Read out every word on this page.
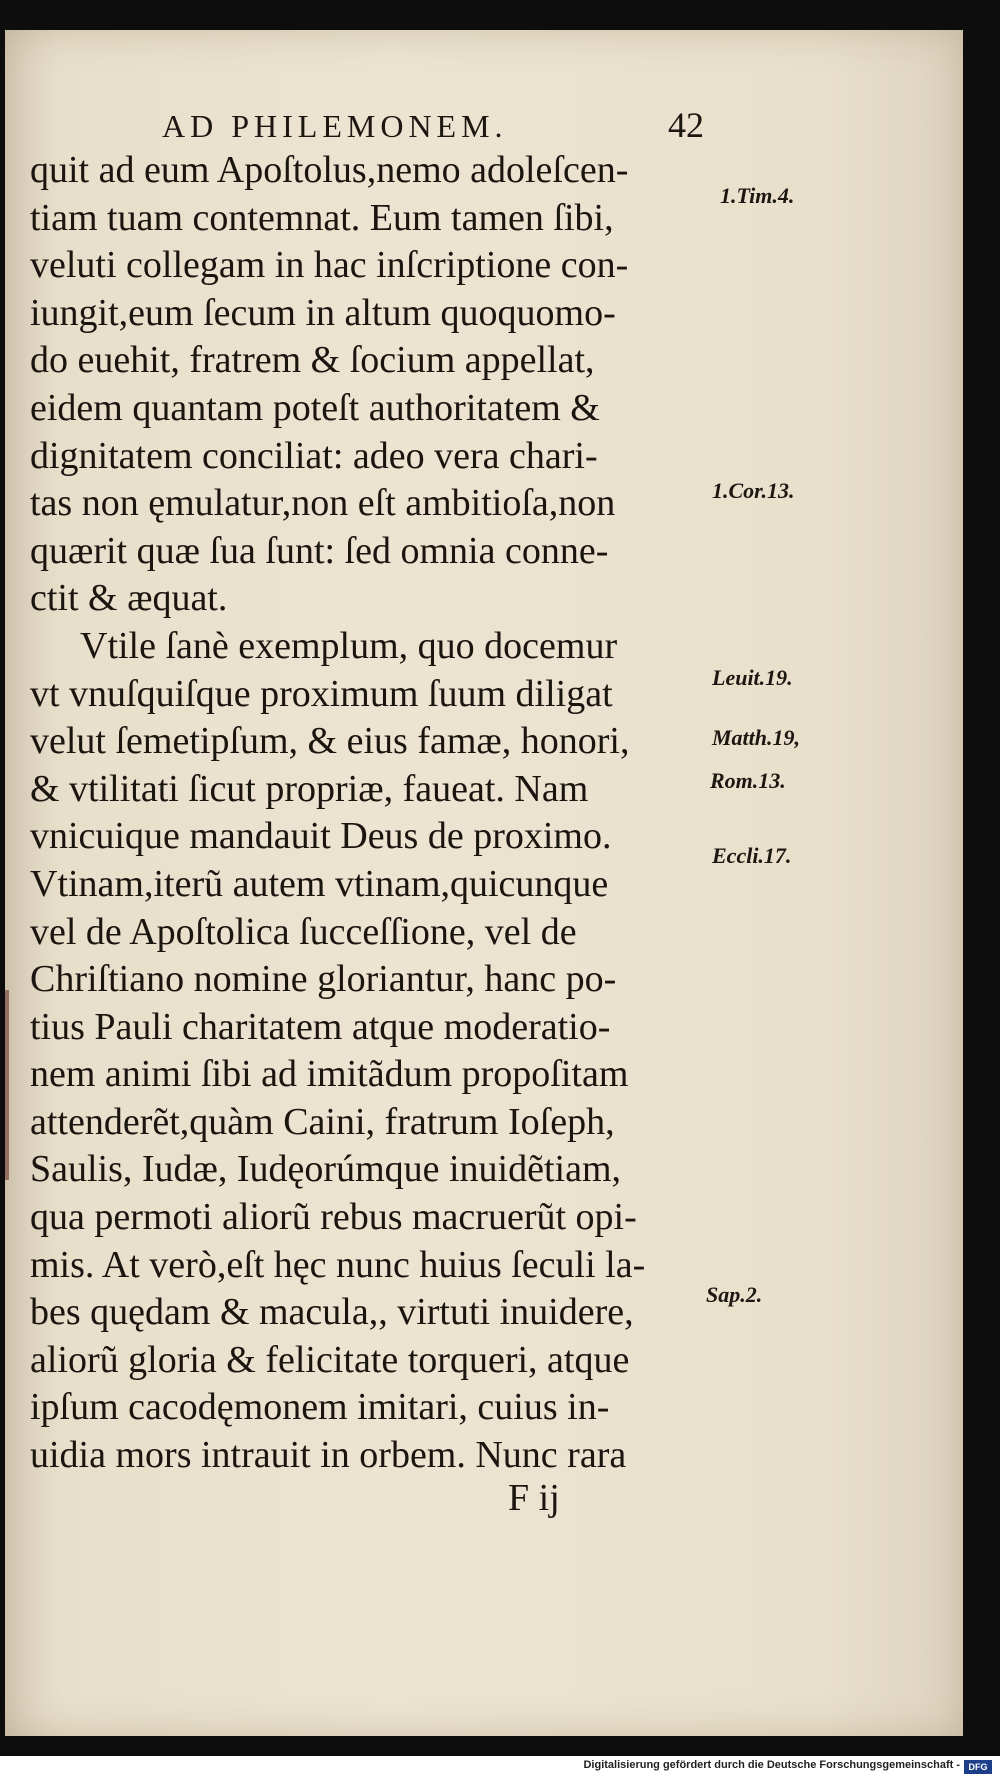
AD PHILEMONEM.	42
quit ad eum Apoſtolus,nemo adoleſcen-
tiam tuam contemnat. Eum tamen ſibi,
veluti collegam in hac inſcriptione con-
iungit,eum ſecum in altum quoquomo-
do euehit, fratrem & ſocium appellat,
eidem quantam poteſt authoritatem &
dignitatem conciliat: adeo vera chari-
tas non ęmulatur,non eſt ambitioſa,non
quærit quæ ſua ſunt: ſed omnia conne-
ctit & æquat.
Vtile ſanè exemplum, quo docemur
vt vnuſquiſque proximum ſuum diligat
velut ſemetipſum, & eius famæ, honori,
& vtilitati ſicut propriæ, faueat. Nam
vnicuique mandauit Deus de proximo.
Vtinam,iterũ autem vtinam,quicunque
vel de Apoſtolica ſucceſſione, vel de
Chriſtiano nomine gloriantur, hanc po-
tius Pauli charitatem atque moderatio-
nem animi ſibi ad imitãdum propoſitam
attenderẽt,quàm Caini, fratrum Ioſeph,
Saulis, Iudæ, Iudęorúmque inuidẽtiam,
qua permoti aliorũ rebus macruerũt opi-
mis. At verò,eſt hęc nunc huius ſeculi la-
bes quędam & macula,, virtuti inuidere,
aliorũ gloria & felicitate torqueri, atque
ipſum cacodęmonem imitari, cuius in-
uidia mors intrauit in orbem. Nunc rara
1.Tim.4.
1.Cor.13.
Leuit.19.
Matth.19,
Rom.13.
Eccli.17.
Sap.2.
F ij
Digitalisierung gefördert durch die Deutsche Forschungsgemeinschaft - DFG
